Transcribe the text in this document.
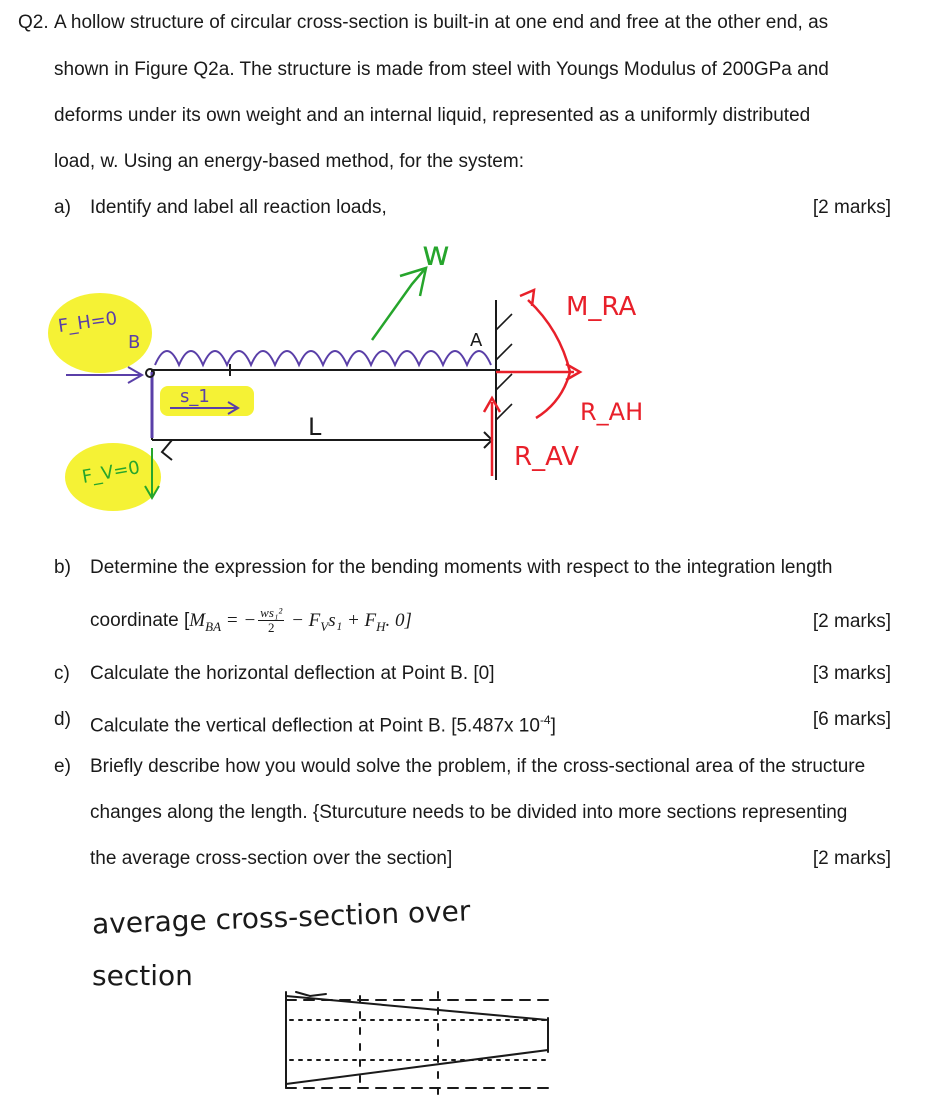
Q2. A hollow structure of circular cross-section is built-in at one end and free at the other end, as
shown in Figure Q2a. The structure is made from steel with Youngs Modulus of 200GPa and
deforms under its own weight and an internal liquid, represented as a uniformly distributed
load, w. Using an energy-based method, for the system:
a) Identify and label all reaction loads,	[2 marks]
w
F_H=0
B
F_V=0
s_1
L
A
M_RA
R_AH
R_AV
b) Determine the expression for the bending moments with respect to the integration length
coordinate [$M_{BA}$ = − $\frac{\text{ws₁²}}{2} - F_Vs_1 + F_H$. 0]	[2 marks]
c) Calculate the horizontal deflection at Point B. [0]	[3 marks]
d) Calculate the vertical deflection at Point B. [5.487x $10^{-4}$]	[6 marks]
e) Briefly describe how you would solve the problem, if the cross-sectional area of the structure
changes along the length. {Sturcuture needs to be divided into more sections representing
the average cross-section over the section]	[2 marks]
average cross-section over
section
